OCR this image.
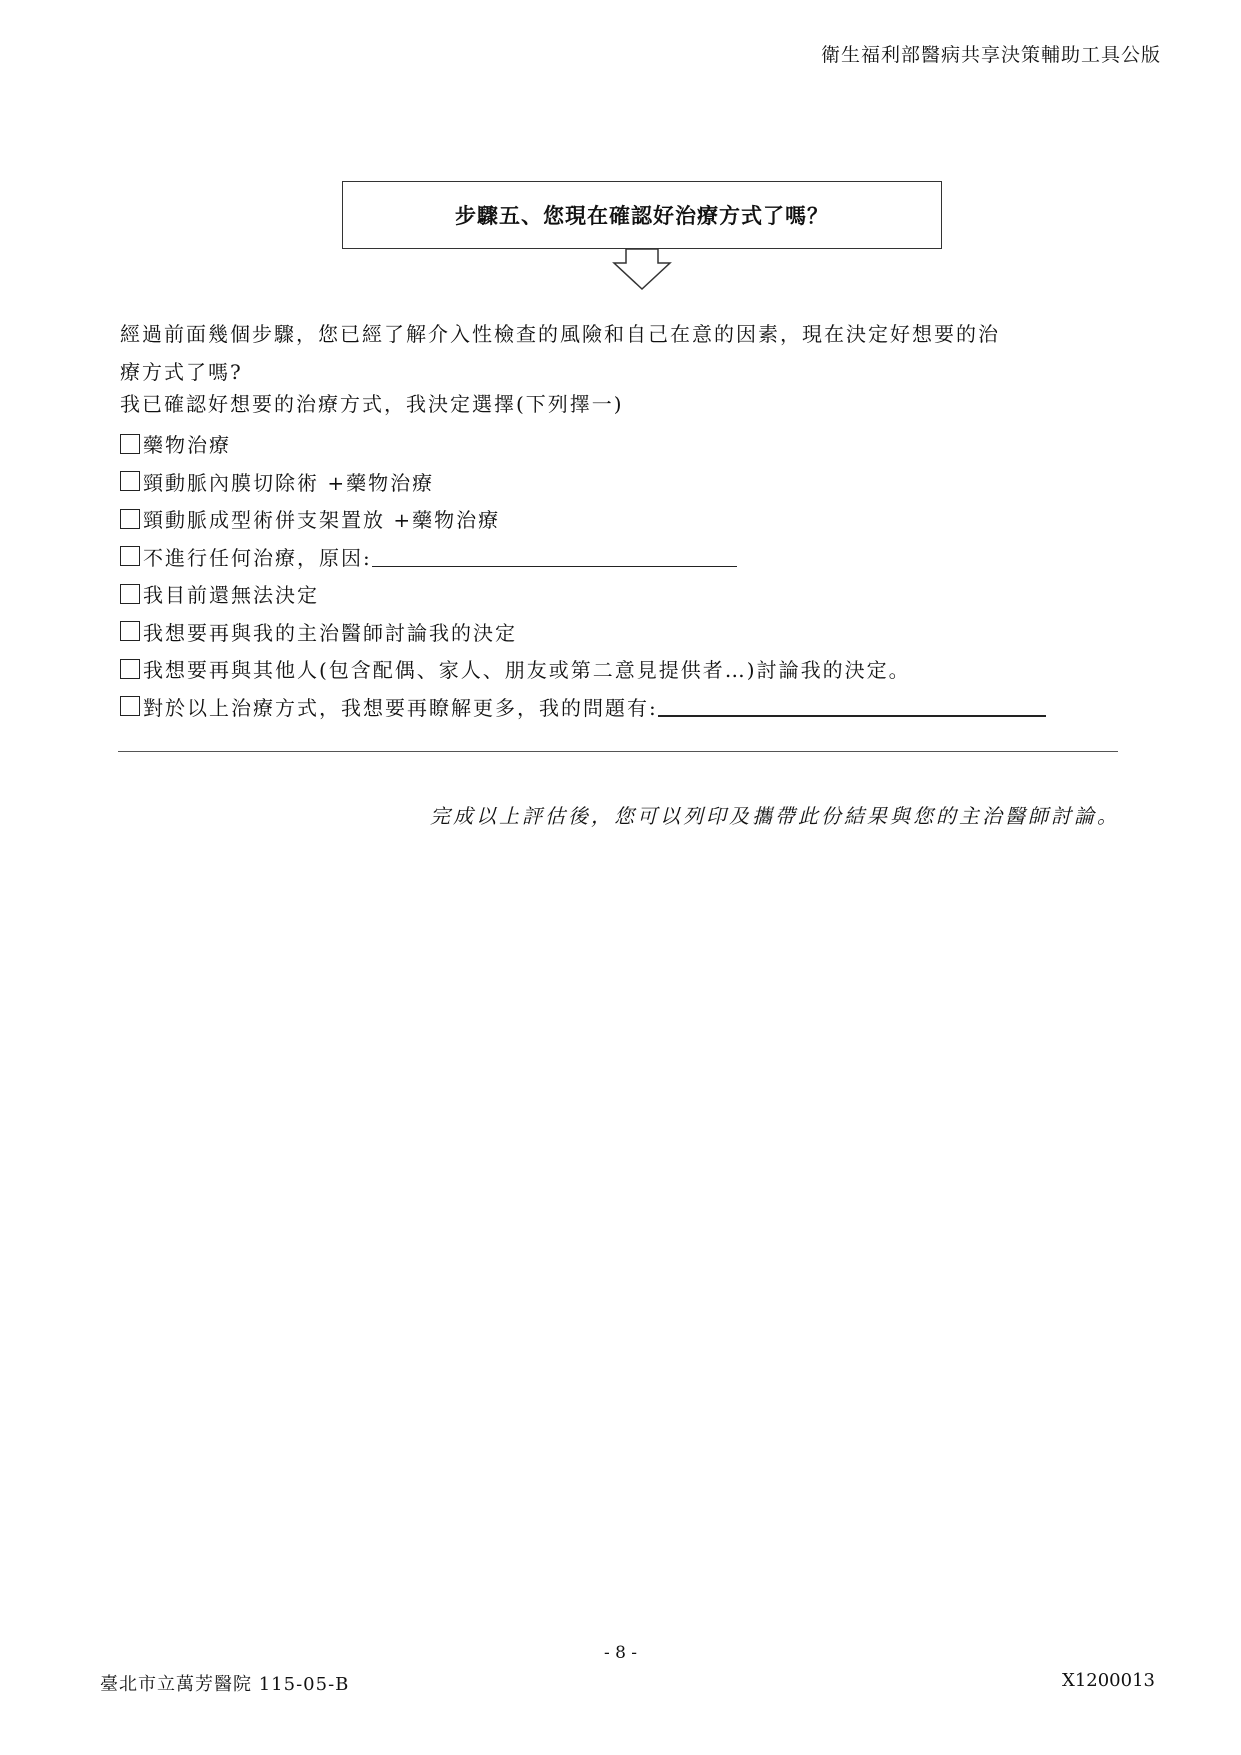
衛生福利部醫病共享決策輔助工具公版
步驟五、您現在確認好治療方式了嗎？
經過前面幾個步驟，您已經了解介入性檢查的風險和自己在意的因素，現在決定好想要的治
療方式了嗎?
我已確認好想要的治療方式，我決定選擇(下列擇一)
藥物治療
頸動脈內膜切除術 +藥物治療
頸動脈成型術併支架置放 +藥物治療
不進行任何治療，原因:
我目前還無法決定
我想要再與我的主治醫師討論我的決定
我想要再與其他人(包含配偶、家人、朋友或第二意見提供者…)討論我的決定。
對於以上治療方式，我想要再瞭解更多，我的問題有:
完成以上評估後，您可以列印及攜帶此份結果與您的主治醫師討論。
- 8 -
臺北市立萬芳醫院 115-05-B	X1200013
